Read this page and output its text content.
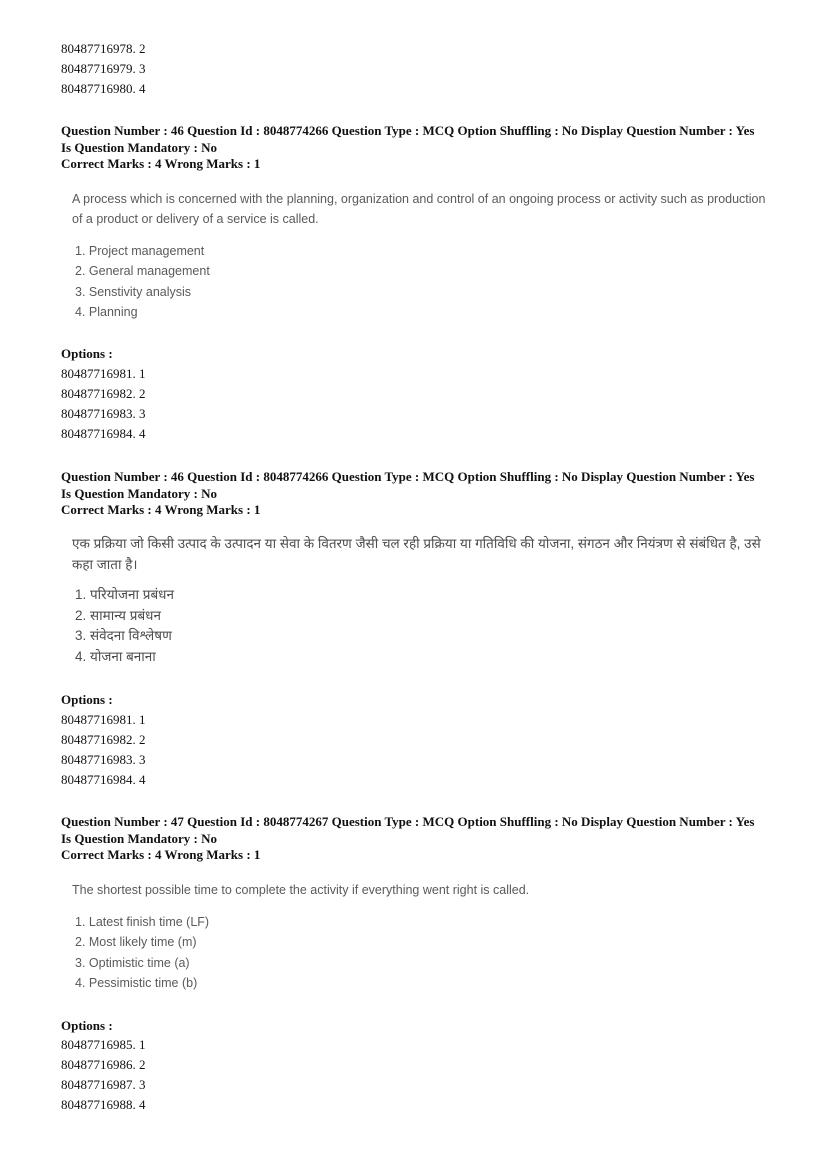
80487716978. 2
80487716979. 3
80487716980. 4
Question Number : 46 Question Id : 8048774266 Question Type : MCQ Option Shuffling : No Display Question Number : Yes
Is Question Mandatory : No
Correct Marks : 4 Wrong Marks : 1
A process which is concerned with the planning, organization and control of an ongoing process or activity such as production of a product or delivery of a service is called.
1. Project management
2. General management
3. Senstivity analysis
4. Planning
Options :
80487716981. 1
80487716982. 2
80487716983. 3
80487716984. 4
Question Number : 46 Question Id : 8048774266 Question Type : MCQ Option Shuffling : No Display Question Number : Yes
Is Question Mandatory : No
Correct Marks : 4 Wrong Marks : 1
एक प्रक्रिया जो किसी उत्पाद के उत्पादन या सेवा के वितरण जैसी चल रही प्रक्रिया या गतिविधि की योजना, संगठन और नियंत्रण से संबंधित है, उसे कहा जाता है।
1. परियोजना प्रबंधन
2. सामान्य प्रबंधन
3. संवेदना विश्लेषण
4. योजना बनाना
Options :
80487716981. 1
80487716982. 2
80487716983. 3
80487716984. 4
Question Number : 47 Question Id : 8048774267 Question Type : MCQ Option Shuffling : No Display Question Number : Yes
Is Question Mandatory : No
Correct Marks : 4 Wrong Marks : 1
The shortest possible time to complete the activity if everything went right is called.
1. Latest finish time (LF)
2. Most likely time (m)
3. Optimistic time (a)
4. Pessimistic time (b)
Options :
80487716985. 1
80487716986. 2
80487716987. 3
80487716988. 4
